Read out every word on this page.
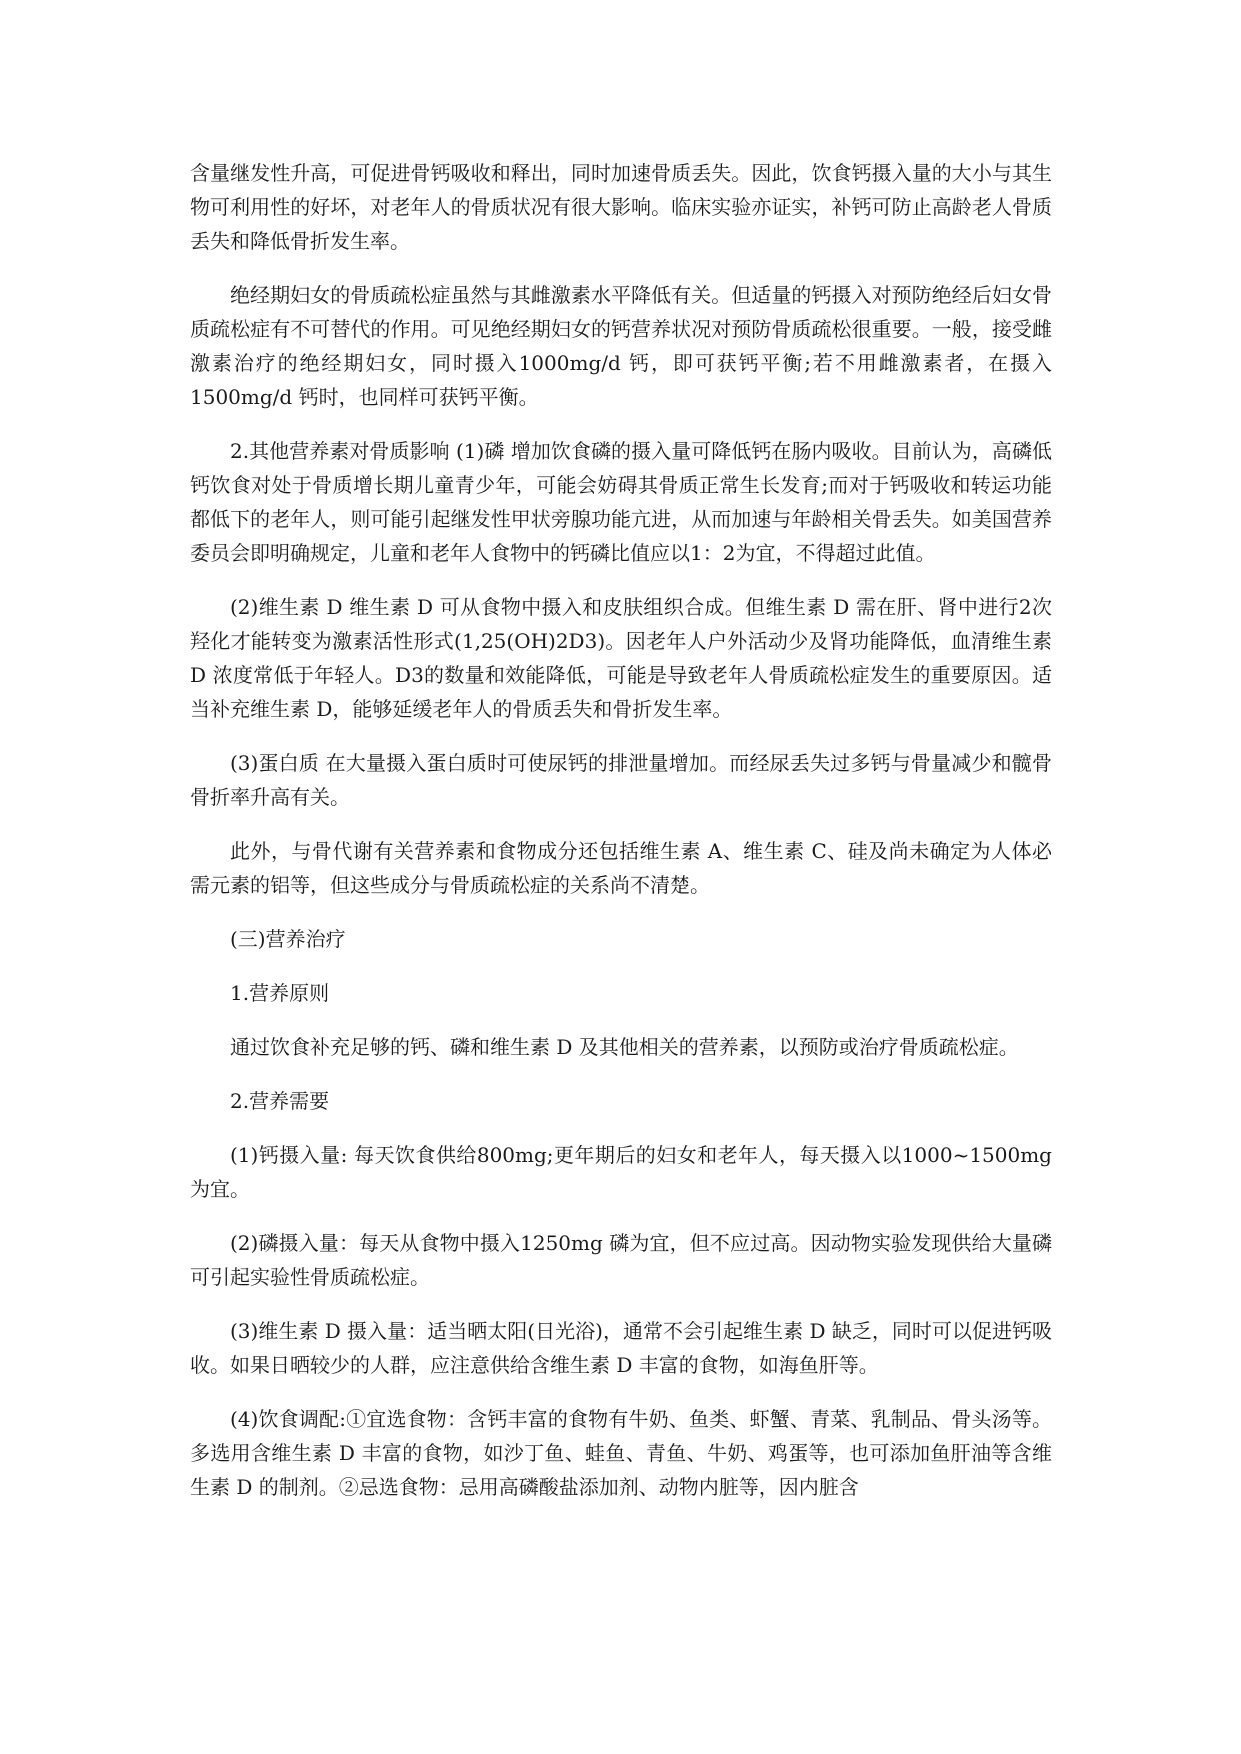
含量继发性升高，可促进骨钙吸收和释出，同时加速骨质丢失。因此，饮食钙摄入量的大小与其生物可利用性的好坏，对老年人的骨质状况有很大影响。临床实验亦证实，补钙可防止高龄老人骨质丢失和降低骨折发生率。

绝经期妇女的骨质疏松症虽然与其雌激素水平降低有关。但适量的钙摄入对预防绝经后妇女骨质疏松症有不可替代的作用。可见绝经期妇女的钙营养状况对预防骨质疏松很重要。一般，接受雌激素治疗的绝经期妇女，同时摄入1000mg/d 钙，即可获钙平衡;若不用雌激素者，在摄入1500mg/d 钙时，也同样可获钙平衡。

2.其他营养素对骨质影响 (1)磷 增加饮食磷的摄入量可降低钙在肠内吸收。目前认为，高磷低钙饮食对处于骨质增长期儿童青少年，可能会妨碍其骨质正常生长发育;而对于钙吸收和转运功能都低下的老年人，则可能引起继发性甲状旁腺功能亢进，从而加速与年龄相关骨丢失。如美国营养委员会即明确规定，儿童和老年人食物中的钙磷比值应以1：2为宜，不得超过此值。

(2)维生素 D 维生素 D 可从食物中摄入和皮肤组织合成。但维生素 D 需在肝、肾中进行2次羟化才能转变为激素活性形式(1,25(OH)2D3)。因老年人户外活动少及肾功能降低，血清维生素 D 浓度常低于年轻人。D3的数量和效能降低，可能是导致老年人骨质疏松症发生的重要原因。适当补充维生素 D，能够延缓老年人的骨质丢失和骨折发生率。

(3)蛋白质 在大量摄入蛋白质时可使尿钙的排泄量增加。而经尿丢失过多钙与骨量减少和髋骨骨折率升高有关。

此外，与骨代谢有关营养素和食物成分还包括维生素 A、维生素 C、硅及尚未确定为人体必需元素的铝等，但这些成分与骨质疏松症的关系尚不清楚。

(三)营养治疗

1.营养原则

通过饮食补充足够的钙、磷和维生素 D 及其他相关的营养素，以预防或治疗骨质疏松症。

2.营养需要

(1)钙摄入量: 每天饮食供给800mg;更年期后的妇女和老年人，每天摄入以1000~1500mg 为宜。

(2)磷摄入量：每天从食物中摄入1250mg 磷为宜，但不应过高。因动物实验发现供给大量磷可引起实验性骨质疏松症。

(3)维生素 D 摄入量：适当晒太阳(日光浴)，通常不会引起维生素 D 缺乏，同时可以促进钙吸收。如果日晒较少的人群，应注意供给含维生素 D 丰富的食物，如海鱼肝等。

(4)饮食调配:①宜选食物：含钙丰富的食物有牛奶、鱼类、虾蟹、青菜、乳制品、骨头汤等。多选用含维生素 D 丰富的食物，如沙丁鱼、蛙鱼、青鱼、牛奶、鸡蛋等，也可添加鱼肝油等含维生素 D 的制剂。②忌选食物：忌用高磷酸盐添加剂、动物内脏等，因内脏含
